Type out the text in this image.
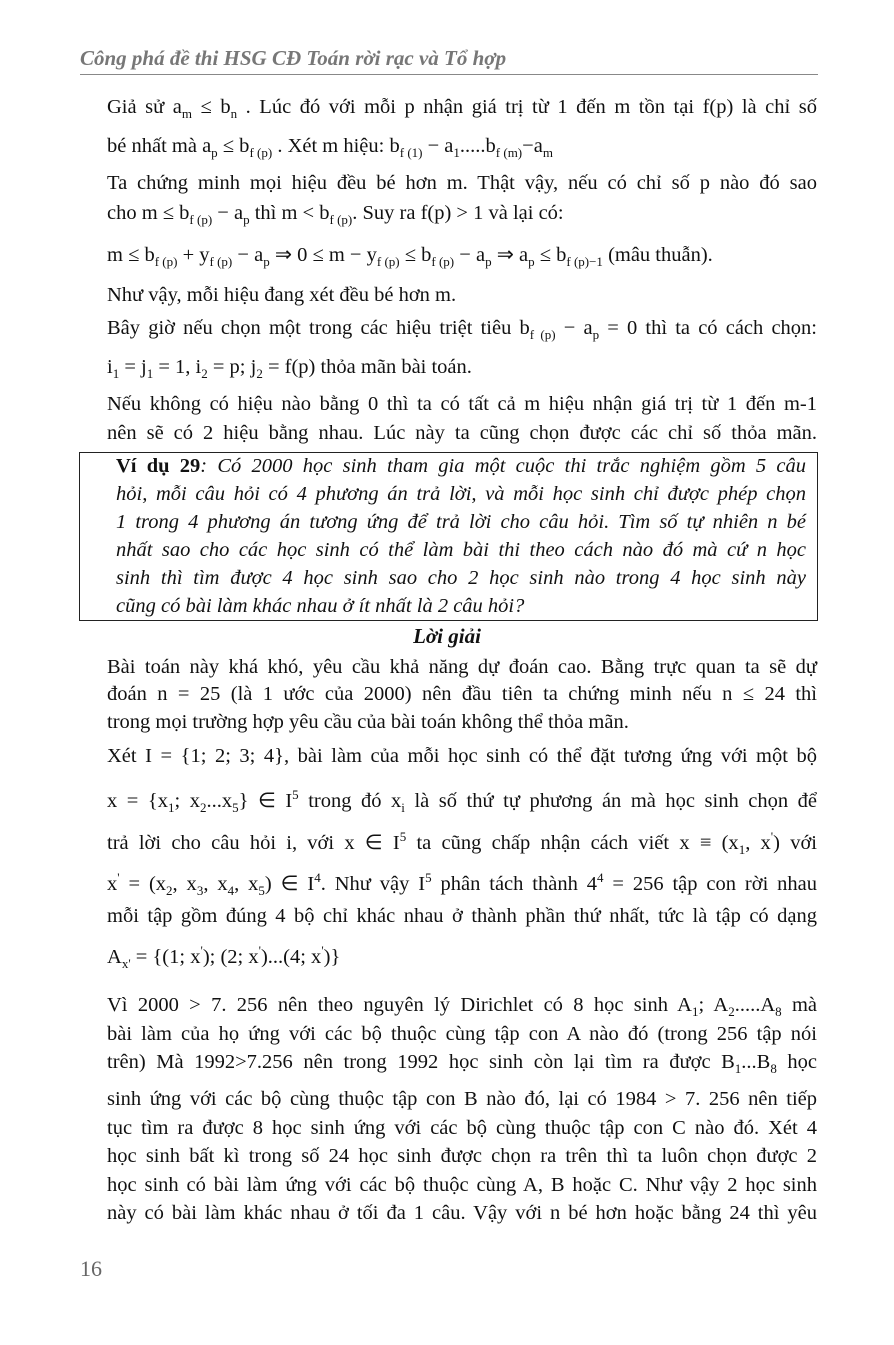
Công phá đề thi HSG CĐ Toán rời rạc và Tổ hợp
Giả sử $a_m \le b_n$ . Lúc đó với mỗi p nhận giá trị từ 1 đến m tồn tại f(p) là chỉ số
bé nhất mà $a_p \le b_{f (p)}$ . Xét m hiệu: $b_{f (1)} - a_1.....b_{f (m)}-a_m$
Ta chứng minh mọi hiệu đều bé hơn m. Thật vậy, nếu có chỉ số p nào đó sao
cho $m \le b_{f (p)} - a_p$ thì $m < b_{f (p)}$. Suy ra f(p) > 1 và lại có:
$m \le b_{f (p)} + y_{f (p)} - a_p$ ⇒ $0 \le m - y_{f (p)} \le b_{f (p)} - a_p$ ⇒ $a_p \le b_{f (p)-1}$ (mâu thuẫn).
Như vậy, mỗi hiệu đang xét đều bé hơn m.
Bây giờ nếu chọn một trong các hiệu triệt tiêu $b_{f (p)} - a_p = 0$ thì ta có cách chọn:
$i_1 = j_1 = 1$, $i_2 = p$; $j_2 = f(p)$ thỏa mãn bài toán.
Nếu không có hiệu nào bằng 0 thì ta có tất cả m hiệu nhận giá trị từ 1 đến m-1
nên sẽ có 2 hiệu bằng nhau. Lúc này ta cũng chọn được các chỉ số thỏa mãn.
Ví dụ 29: Có 2000 học sinh tham gia một cuộc thi trắc nghiệm gồm 5 câu
hỏi, mỗi câu hỏi có 4 phương án trả lời, và mỗi học sinh chỉ được phép chọn
1 trong 4 phương án tương ứng để trả lời cho câu hỏi. Tìm số tự nhiên n bé
nhất sao cho các học sinh có thể làm bài thi theo cách nào đó mà cứ n học
sinh thì tìm được 4 học sinh sao cho 2 học sinh nào trong 4 học sinh này
cũng có bài làm khác nhau ở ít nhất là 2 câu hỏi?
Lời giải
Bài toán này khá khó, yêu cầu khả năng dự đoán cao. Bằng trực quan ta sẽ dự
đoán n = 25 (là 1 ước của 2000) nên đầu tiên ta chứng minh nếu n ≤ 24 thì
trong mọi trường hợp yêu cầu của bài toán không thể thỏa mãn.
Xét I = {1; 2; 3; 4}, bài làm của mỗi học sinh có thể đặt tương ứng với một bộ
$x = \{x_1$; $x_2...x_5$} ∈ $I^5$ trong đó $x_i$ là số thứ tự phương án mà học sinh chọn để
trả lời cho câu hỏi i, với x ∈ $I^5$ ta cũng chấp nhận cách viết $x \equiv (x_1$, x') với
$x' = (x_2$, $x_3$, $x_4$, $x_5$) ∈ $I^4$. Như vậy $I^5$ phân tách thành $4^4 = 256$ tập con rời nhau
mỗi tập gồm đúng 4 bộ chỉ khác nhau ở thành phần thứ nhất, tức là tập có dạng
$A_{x'} = \{(1$; x'); (2; x')...(4; x')}
Vì 2000 > 7. 256 nên theo nguyên lý Dirichlet có 8 học $\sinh A_1$; $A_2.....A_8$ mà
bài làm của họ ứng với các bộ thuộc cùng tập con A nào đó (trong 256 tập nói
trên) Mà 1992>7.256 nên trong 1992 học sinh còn lại tìm ra được $B_1...B_8$ học
sinh ứng với các bộ cùng thuộc tập con B nào đó, lại có 1984 > 7. 256 nên tiếp
tục tìm ra được 8 học sinh ứng với các bộ cùng thuộc tập con C nào đó. Xét 4
học sinh bất kì trong số 24 học sinh được chọn ra trên thì ta luôn chọn được 2
học sinh có bài làm ứng với các bộ thuộc cùng A, B hoặc C. Như vậy 2 học sinh
này có bài làm khác nhau ở tối đa 1 câu. Vậy với n bé hơn hoặc bằng 24 thì yêu
16
